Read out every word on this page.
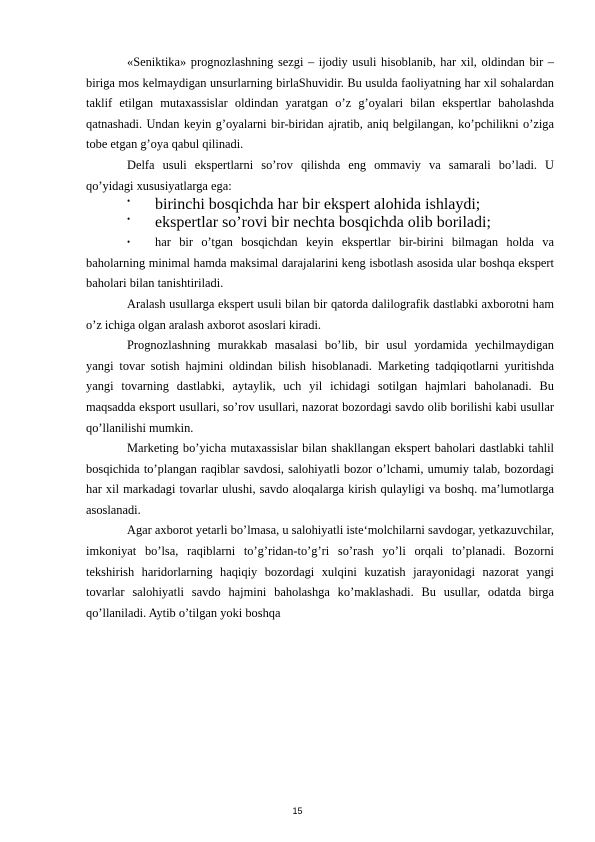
«Seniktika» prognozlashning sezgi – ijodiy usuli hisoblanib, har xil, oldindan bir – biriga mos kelmaydigan unsurlarning birlaShuvidir. Bu usulda faoliyatning har xil sohalardan taklif etilgan mutaxassislar oldindan yaratgan o’z g’oyalari bilan ekspertlar baholashda qatnashadi. Undan keyin g’oyalarni bir-biridan ajratib, aniq belgilangan, ko’pchilikni o’ziga tobe etgan g’oya qabul qilinadi.

Delfa usuli ekspertlarni so’rov qilishda eng ommaviy va samarali bo’ladi. U qo’yidagi xususiyatlarga ega:

•	birinchi bosqichda har bir ekspert alohida ishlaydi;
•	ekspertlar so’rovi bir nechta bosqichda olib boriladi;

•	har bir o’tgan bosqichdan keyin ekspertlar bir-birini bilmagan holda va baholarning minimal hamda maksimal darajalarini keng isbotlash asosida ular boshqa ekspert baholari bilan tanishtiriladi.

Aralash usullarga ekspert usuli bilan bir qatorda dalilografik dastlabki axborotni ham o’z ichiga olgan aralash axborot asoslari kiradi.

Prognozlashning murakkab masalasi bo’lib, bir usul yordamida yechilmaydigan yangi tovar sotish hajmini oldindan bilish hisoblanadi. Marketing tadqiqotlarni yuritishda yangi tovarning dastlabki, aytaylik, uch yil ichidagi sotilgan hajmlari baholanadi. Bu maqsadda eksport usullari, so’rov usullari, nazorat bozordagi savdo olib borilishi kabi usullar qo’llanilishi mumkin.

Marketing bo’yicha mutaxassislar bilan shakllangan ekspert baholari dastlabki tahlil bosqichida to’plangan raqiblar savdosi, salohiyatli bozor o’lchami, umumiy talab, bozordagi har xil markadagi tovarlar ulushi, savdo aloqalarga kirish qulayligi va boshq. ma’lumotlarga asoslanadi.

Agar axborot yetarli bo’lmasa, u salohiyatli iste‘molchilarni savdogar, yetkazuvchilar, imkoniyat bo’lsa, raqiblarni to’g’ridan-to’g’ri so’rash yo’li orqali to’planadi. Bozorni tekshirish haridorlarning haqiqiy bozordagi xulqini kuzatish jarayonidagi nazorat yangi tovarlar salohiyatli savdo hajmini baholashga ko’maklashadi. Bu usullar, odatda birga qo’llaniladi. Aytib o’tilgan yoki boshqa

15
